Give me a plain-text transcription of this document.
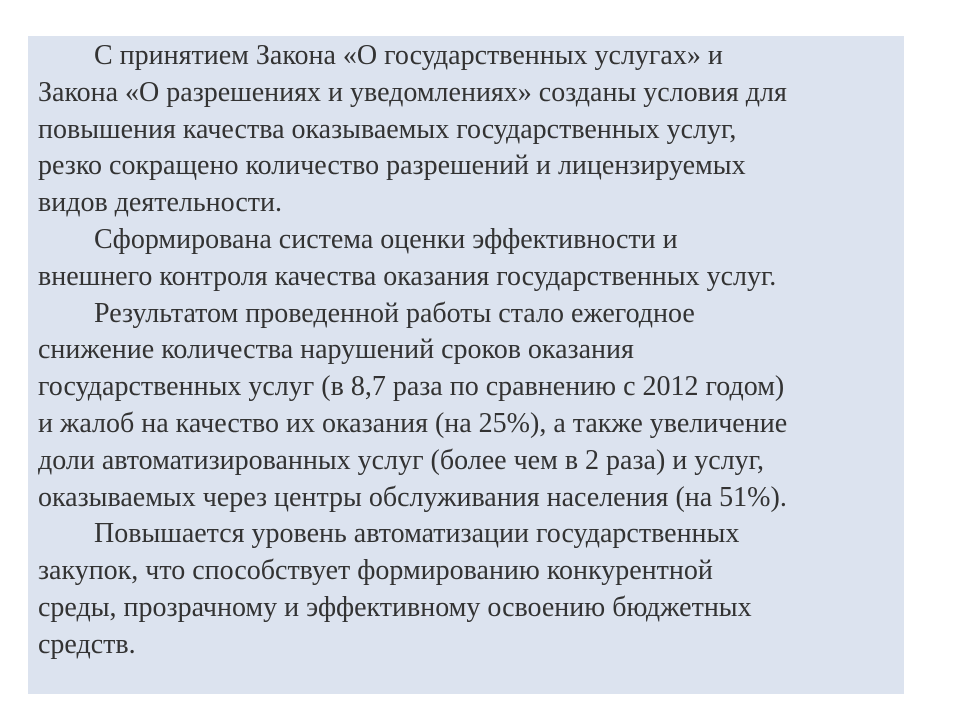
С принятием Закона «О государственных услугах» и
Закона «О разрешениях и уведомлениях» созданы условия для
повышения качества оказываемых государственных услуг,
резко сокращено количество разрешений и лицензируемых
видов деятельности.

Сформирована система оценки эффективности и
внешнего контроля качества оказания государственных услуг.

Результатом проведенной работы стало ежегодное
снижение количества нарушений сроков оказания
государственных услуг (в 8,7 раза по сравнению с 2012 годом)
и жалоб на качество их оказания (на 25%), а также увеличение
доли автоматизированных услуг (более чем в 2 раза) и услуг,
оказываемых через центры обслуживания населения (на 51%).

Повышается уровень автоматизации государственных
закупок, что способствует формированию конкурентной
среды, прозрачному и эффективному освоению бюджетных
средств.
